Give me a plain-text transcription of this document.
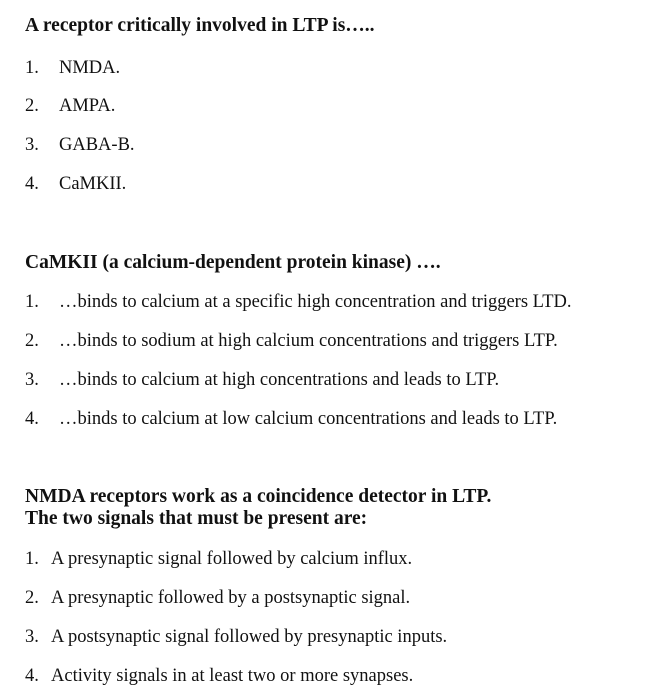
A receptor critically involved in LTP is…..
1. NMDA.
2. AMPA.
3. GABA-B.
4. CaMKII.
CaMKII (a calcium-dependent protein kinase) ….
1. …binds to calcium at a specific high concentration and triggers LTD.
2. …binds to sodium at high calcium concentrations and triggers LTP.
3. …binds to calcium at high concentrations and leads to LTP.
4. …binds to calcium at low calcium concentrations and leads to LTP.
NMDA receptors work as a coincidence detector in LTP.
The two signals that must be present are:
1. A presynaptic signal followed by calcium influx.
2. A presynaptic followed by a postsynaptic signal.
3. A postsynaptic signal followed by presynaptic inputs.
4. Activity signals in at least two or more synapses.
